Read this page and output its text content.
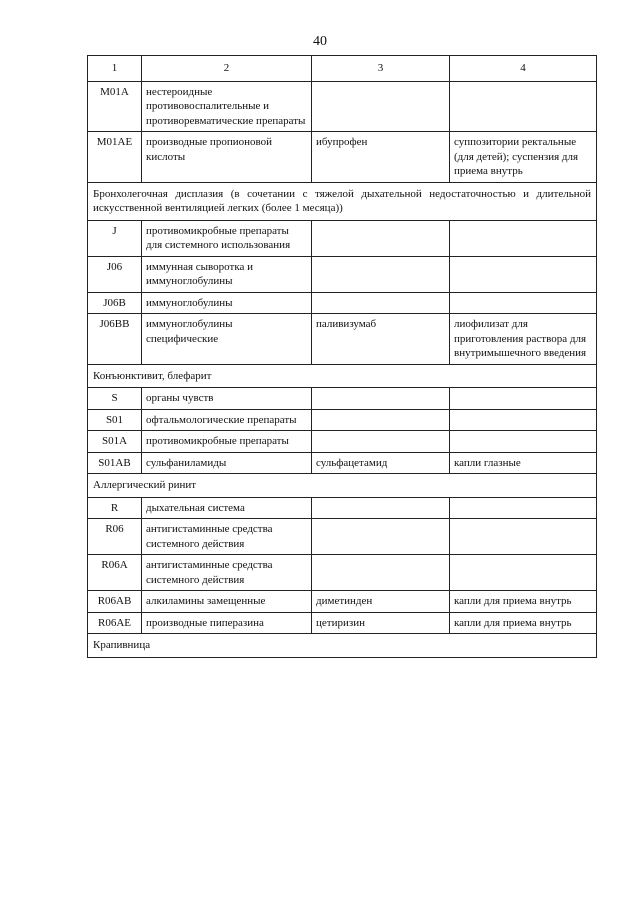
40
1	2	3	4
M01A	нестероидные противовоспалительные и противоревматические препараты		
M01AE	производные пропионовой кислоты	ибупрофен	суппозитории ректальные (для детей); суспензия для приема внутрь
Бронхолегочная дисплазия (в сочетании с тяжелой дыхательной недостаточностью и длительной искусственной вентиляцией легких (более 1 месяца))			
J	противомикробные препараты для системного использования		
J06	иммунная сыворотка и иммуноглобулины		
J06B	иммуноглобулины		
J06BB	иммуноглобулины специфические	паливизумаб	лиофилизат для приготовления раствора для внутримышечного введения
Конъюнктивит, блефарит			
S	органы чувств		
S01	офтальмологические препараты		
S01A	противомикробные препараты		
S01AB	сульфаниламиды	сульфацетамид	капли глазные
Аллергический ринит			
R	дыхательная система		
R06	антигистаминные средства системного действия		
R06A	антигистаминные средства системного действия		
R06AB	алкиламины замещенные	диметинден	капли для приема внутрь
R06AE	производные пиперазина	цетиризин	капли для приема внутрь
Крапивница			
